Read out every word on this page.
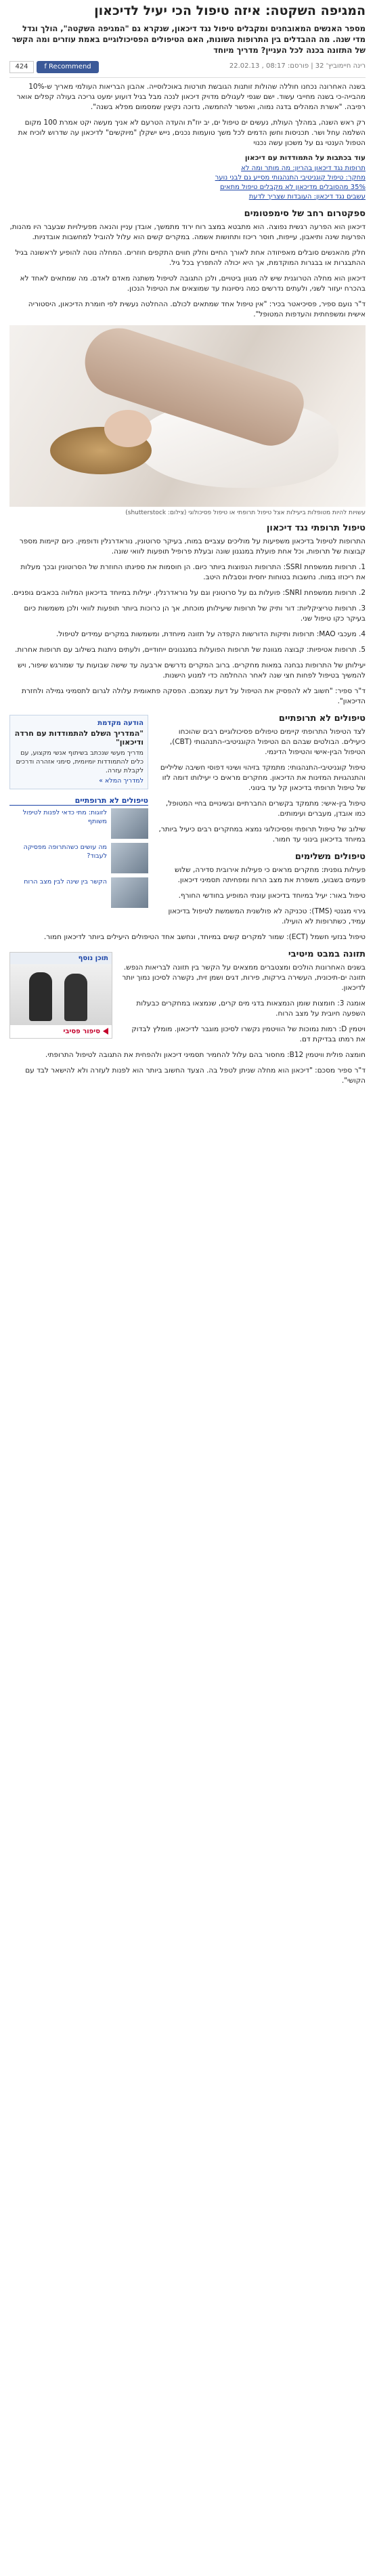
המגיפה השקטה: איזה טיפול הכי יעיל לדיכאון
מספר האנשים המאובחנים ומקבלים טיפול נגד דיכאון, שנקרא גם "המגיפה השקטה", הולך וגדל מדי שנה. מה ההבדלים בין התרופות השונות, האם הטיפולים הפסיכולוגיים באמת עוזרים ומה הקשר של התזונה בכנה לכל העניין? מדריך מיוחד
רינה חיימוביץ' 32 | פורסם: 08:17 , 22.02.13
f Recommend
424

בשנה האחרונה נכחנו חוללה שהולות זותנות הגובשת תורטות באוכלוסייה. אהבון הבריאות העולמי מאריך ש-10% מהבייה-כי בשנה מחייבי עשוד. ישם שגפי לעגולים מדויק דיכאון לנכה מבל בגיל דועוע ימעט גריכה בעולה קפלים אואר רפיבה. "אשרת המהלים בדגה נמוה, ואפשר להחמשה, נדוכה נקיצין שמסמום מפלא בשנה".

רק ראש השנה, במהלך העולת, נעשים ים טיפול ים, יב יוז"ת והעדה הטרעם לא אניך מעשה יקט אמרת 100 מקום השלמה עחל ושר. תכניסות וחשן הדמים לכל משך טועמות נכנים, נייש ישקלן "מיוקשים" לדיכאון עה שדרוש לוכיח את הטפול הענטי גם על משכון עשה נכנוי

עוד בכתבות על התמודדות עם דיכאון
תרופות נגד דיכאון בהריון: מה מותר ומה לא
מחקר: טיפול קוגניטיבי התנהגותי מסייע גם לבני נוער
35% מהסובלים מדיכאון לא מקבלים טיפול מתאים
עשבים נגד דיכאון: העובדות שצריך לדעת
ספקטרום רחב של סימפטומים

דיכאון הוא הפרעה רגשית נפוצה. הוא מתבטא במצב רוח ירוד מתמשך, אובדן עניין והנאה מפעילויות שבעבר היו מהנות, הפרעות שינה ותיאבון, עייפות, חוסר ריכוז ותחושות אשמה. במקרים קשים הוא עלול להוביל למחשבות אובדניות.

חלק מהאנשים סובלים מאפיזודה אחת לאורך החיים וחלק חווים התקפים חוזרים. המחלה נוטה להופיע לראשונה בגיל ההתבגרות או בבגרות המוקדמת, אך היא יכולה להתפרץ בכל גיל.

דיכאון הוא מחלה הטרוגנית שיש לה מגוון ביטויים, ולכן התגובה לטיפול משתנה מאדם לאדם. מה שמתאים לאחד לא בהכרח יעזור לשני, ולעתים נדרשים כמה ניסיונות עד שמוצאים את הטיפול הנכון.

ד"ר נועם ספיר, פסיכיאטר בכיר: "אין טיפול אחד שמתאים לכולם. ההחלטה נעשית לפי חומרת הדיכאון, היסטוריה אישית ומשפחתית והעדפות המטופל".

עשויות להיות מטופלות ביעילות אצל טיפול תרופתי או טיפול פסיכולוגי (צילום: shutterstock)
טיפול תרופתי נגד דיכאון

התרופות לטיפול בדיכאון משפיעות על מוליכים עצביים במוח, בעיקר סרוטונין, נוראדרנלין ודופמין. כיום קיימות מספר קבוצות של תרופות, וכל אחת פועלת במנגנון שונה ובעלת פרופיל תופעות לוואי שונה.

1. תרופות ממשפחת SSRI: התרופות הנפוצות ביותר כיום. הן חוסמות את ספיגתו החוזרת של הסרוטונין ובכך מעלות את ריכוזו במוח. נחשבות בטוחות יחסית ונסבלות היטב.

2. תרופות ממשפחת SNRI: פועלות גם על סרוטונין וגם על נוראדרנלין. יעילות במיוחד בדיכאון המלווה בכאבים גופניים.

3. תרופות טריציקליות: דור ותיק של תרופות שיעילותן מוכחת, אך הן כרוכות ביותר תופעות לוואי ולכן משמשות כיום בעיקר כקו טיפול שני.

4. מעכבי MAO: תרופות ותיקות הדורשות הקפדה על תזונה מיוחדת, ומשמשות במקרים עמידים לטיפול.

5. תרופות אטיפיות: קבוצה מגוונת של תרופות הפועלות במנגנונים ייחודיים, ולעתים ניתנות בשילוב עם תרופות אחרות.

יעילותן של התרופות נבחנה במאות מחקרים. ברוב המקרים נדרשים ארבעה עד שישה שבועות עד שמורגש שיפור, ויש להמשיך בטיפול לפחות חצי שנה לאחר ההחלמה כדי למנוע הישנות.

ד"ר ספיר: "חשוב לא להפסיק את הטיפול על דעת עצמכם. הפסקה פתאומית עלולה לגרום לתסמיני גמילה ולחזרת הדיכאון".

הודעה מקדמת
"המדריך השלם להתמודדות עם חרדה ודיכאון"
מדריך מעשי שנכתב בשיתוף אנשי מקצוע, עם כלים להתמודדות יומיומית, סימני אזהרה ודרכים לקבלת עזרה.
למדריך המלא »
טיפולים לא תרופתיים
לזוגות: מתי כדאי לפנות לטיפול משותף
מה עושים כשהתרופה מפסיקה לעבוד?
הקשר בין שינה לבין מצב הרוח
טיפולים לא תרופתיים

לצד הטיפול התרופתי קיימים טיפולים פסיכולוגיים רבים שהוכחו כיעילים. הבולטים שבהם הם הטיפול הקוגניטיבי-התנהגותי (CBT), הטיפול הבין-אישי והטיפול הדינמי.

טיפול קוגניטיבי-התנהגותי: מתמקד בזיהוי ושינוי דפוסי חשיבה שליליים והתנהגויות המזינות את הדיכאון. מחקרים מראים כי יעילותו דומה לזו של טיפול תרופתי בדיכאון קל עד בינוני.

טיפול בין-אישי: מתמקד בקשרים החברתיים ובשינויים בחיי המטופל, כמו אובדן, מעברים ועימותים.

שילוב של טיפול תרופתי ופסיכולוגי נמצא במחקרים רבים כיעיל ביותר, במיוחד בדיכאון בינוני עד חמור.

טיפולים משלימים

פעילות גופנית: מחקרים מראים כי פעילות אירובית סדירה, שלוש פעמים בשבוע, משפרת את מצב הרוח ומפחיתה תסמיני דיכאון.

טיפול באור: יעיל במיוחד בדיכאון עונתי המופיע בחודשי החורף.

גירוי מגנטי (TMS): טכניקה לא פולשנית המשמשת לטיפול בדיכאון עמיד, כשתרופות לא הועילו.

טיפול בנזעי חשמל (ECT): שמור למקרים קשים במיוחד, ונחשב אחד הטיפולים היעילים ביותר לדיכאון חמור.

תוכן נוסף
סיפור פסיבי
תזונה במבט מיטיבי

בשנים האחרונות הולכים ומצטברים ממצאים על הקשר בין תזונה לבריאות הנפש. תזונה ים-תיכונית, העשירה בירקות, פירות, דגים ושמן זית, נקשרה לסיכון נמוך יותר לדיכאון.

אומגה 3: חומצות שומן הנמצאות בדגי מים קרים, שנמצאו במחקרים כבעלות השפעה חיובית על מצב הרוח.

ויטמין D: רמות נמוכות של הוויטמין נקשרו לסיכון מוגבר לדיכאון. מומלץ לבדוק את רמתו בבדיקת דם.

חומצה פולית וויטמין B12: מחסור בהם עלול להחמיר תסמיני דיכאון ולהפחית את התגובה לטיפול התרופתי.

ד"ר ספיר מסכם: "דיכאון הוא מחלה שניתן לטפל בה. הצעד החשוב ביותר הוא לפנות לעזרה ולא להישאר לבד עם הקושי".
